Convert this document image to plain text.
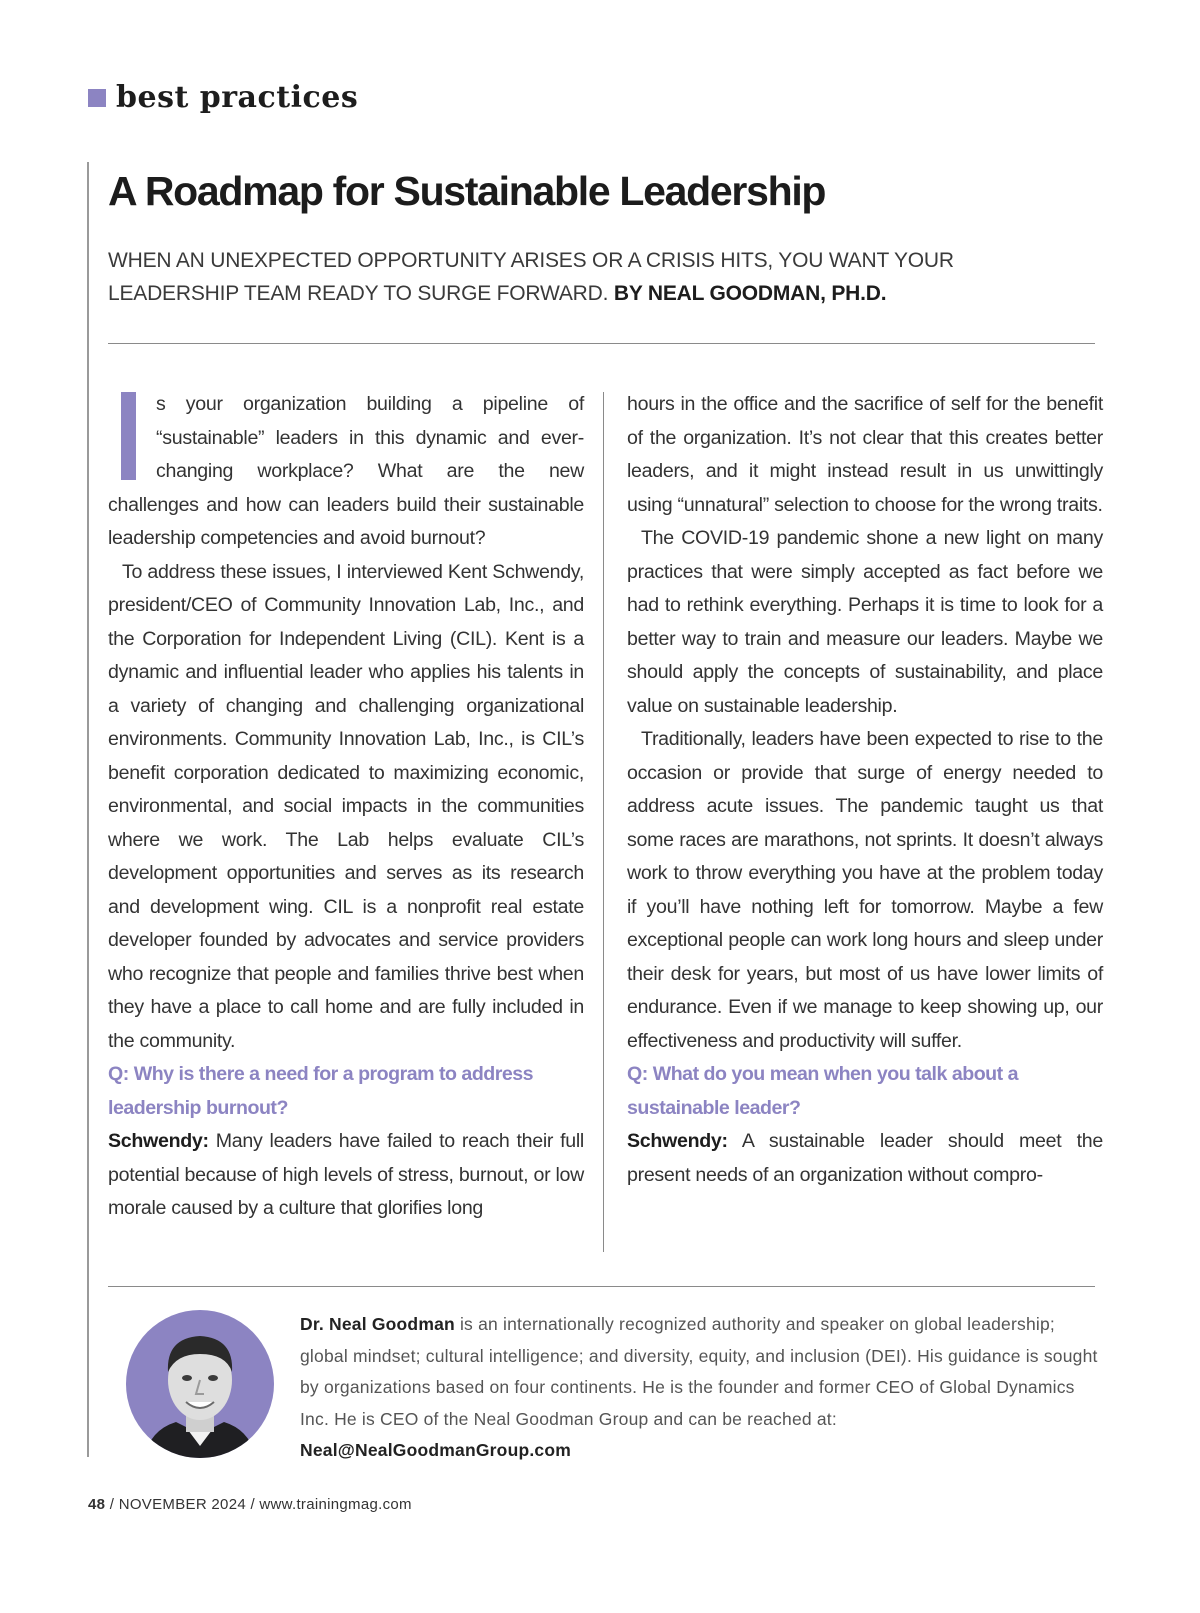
best practices
A Roadmap for Sustainable Leadership
WHEN AN UNEXPECTED OPPORTUNITY ARISES OR A CRISIS HITS, YOU WANT YOUR LEADERSHIP TEAM READY TO SURGE FORWARD. BY NEAL GOODMAN, PH.D.

s your organization building a pipeline of “sustainable” leaders in this dynamic and ever-changing workplace? What are the new challenges and how can leaders build their sustainable leadership competencies and avoid burnout?

To address these issues, I interviewed Kent Schwendy, president/CEO of Community Innovation Lab, Inc., and the Corporation for Independent Living (CIL). Kent is a dynamic and influential leader who applies his talents in a variety of changing and challenging organizational environments. Community Innovation Lab, Inc., is CIL’s benefit corporation dedicated to maximizing economic, environmental, and social impacts in the communities where we work. The Lab helps evaluate CIL’s development opportunities and serves as its research and development wing. CIL is a nonprofit real estate developer founded by advocates and service providers who recognize that people and families thrive best when they have a place to call home and are fully included in the community.

Q: Why is there a need for a program to address leadership burnout?

Schwendy: Many leaders have failed to reach their full potential because of high levels of stress, burnout, or low morale caused by a culture that glorifies long

hours in the office and the sacrifice of self for the benefit of the organization. It’s not clear that this creates better leaders, and it might instead result in us unwittingly using “unnatural” selection to choose for the wrong traits.

The COVID-19 pandemic shone a new light on many practices that were simply accepted as fact before we had to rethink everything. Perhaps it is time to look for a better way to train and measure our leaders. Maybe we should apply the concepts of sustainability, and place value on sustainable leadership.

Traditionally, leaders have been expected to rise to the occasion or provide that surge of energy needed to address acute issues. The pandemic taught us that some races are marathons, not sprints. It doesn’t always work to throw everything you have at the problem today if you’ll have nothing left for tomorrow. Maybe a few exceptional people can work long hours and sleep under their desk for years, but most of us have lower limits of endurance. Even if we manage to keep showing up, our effectiveness and productivity will suffer.

Q: What do you mean when you talk about a sustainable leader?

Schwendy: A sustainable leader should meet the present needs of an organization without compro-

Dr. Neal Goodman is an internationally recognized authority and speaker on global leadership; global mindset; cultural intelligence; and diversity, equity, and inclusion (DEI). His guidance is sought by organizations based on four continents. He is the founder and former CEO of Global Dynamics Inc. He is CEO of the Neal Goodman Group and can be reached at:
Neal@NealGoodmanGroup.com
48 / NOVEMBER 2024 / www.trainingmag.com
